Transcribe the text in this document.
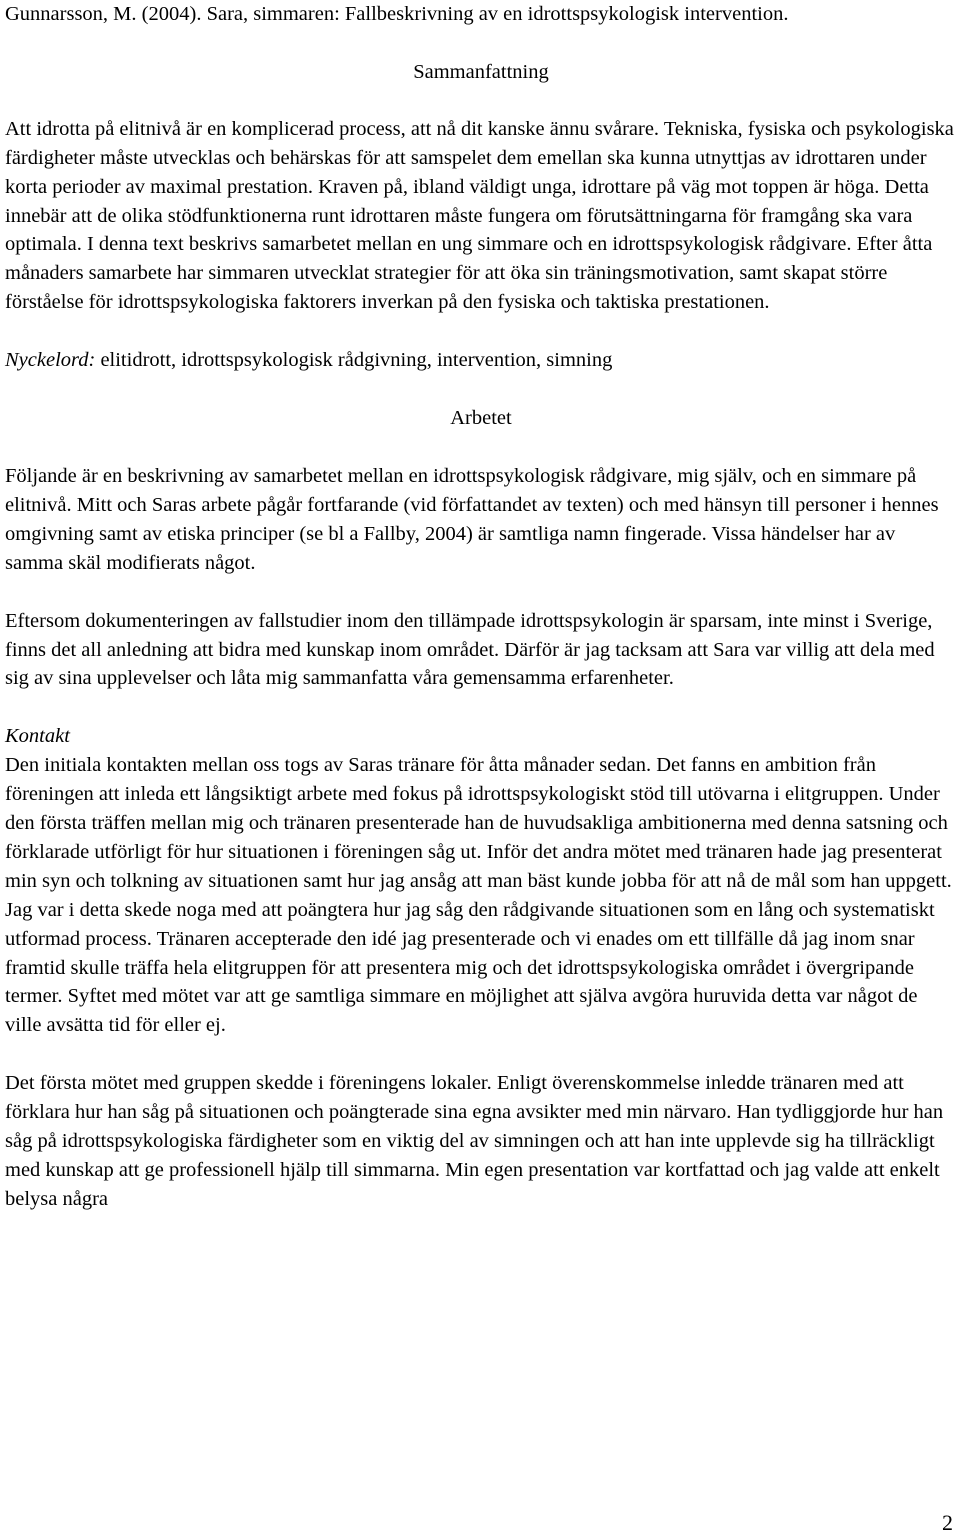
Gunnarsson, M. (2004). Sara, simmaren: Fallbeskrivning av en idrottspsykologisk intervention.

Sammanfattning

Att idrotta på elitnivå är en komplicerad process, att nå dit kanske ännu svårare. Tekniska, fysiska och psykologiska färdigheter måste utvecklas och behärskas för att samspelet dem emellan ska kunna utnyttjas av idrottaren under korta perioder av maximal prestation. Kraven på, ibland väldigt unga, idrottare på väg mot toppen är höga. Detta innebär att de olika stödfunktionerna runt idrottaren måste fungera om förutsättningarna för framgång ska vara optimala. I denna text beskrivs samarbetet mellan en ung simmare och en idrottspsykologisk rådgivare. Efter åtta månaders samarbete har simmaren utvecklat strategier för att öka sin träningsmotivation, samt skapat större förståelse för idrottspsykologiska faktorers inverkan på den fysiska och taktiska prestationen.

Nyckelord: elitidrott, idrottspsykologisk rådgivning, intervention, simning

Arbetet

Följande är en beskrivning av samarbetet mellan en idrottspsykologisk rådgivare, mig själv, och en simmare på elitnivå. Mitt och Saras arbete pågår fortfarande (vid författandet av texten) och med hänsyn till personer i hennes omgivning samt av etiska principer (se bl a Fallby, 2004) är samtliga namn fingerade. Vissa händelser har av samma skäl modifierats något.

Eftersom dokumenteringen av fallstudier inom den tillämpade idrottspsykologin är sparsam, inte minst i Sverige, finns det all anledning att bidra med kunskap inom området. Därför är jag tacksam att Sara var villig att dela med sig av sina upplevelser och låta mig sammanfatta våra gemensamma erfarenheter.

Kontakt

Den initiala kontakten mellan oss togs av Saras tränare för åtta månader sedan. Det fanns en ambition från föreningen att inleda ett långsiktigt arbete med fokus på idrottspsykologiskt stöd till utövarna i elitgruppen. Under den första träffen mellan mig och tränaren presenterade han de huvudsakliga ambitionerna med denna satsning och förklarade utförligt för hur situationen i föreningen såg ut. Inför det andra mötet med tränaren hade jag presenterat min syn och tolkning av situationen samt hur jag ansåg att man bäst kunde jobba för att nå de mål som han uppgett. Jag var i detta skede noga med att poängtera hur jag såg den rådgivande situationen som en lång och systematiskt utformad process. Tränaren accepterade den idé jag presenterade och vi enades om ett tillfälle då jag inom snar framtid skulle träffa hela elitgruppen för att presentera mig och det idrottspsykologiska området i övergripande termer. Syftet med mötet var att ge samtliga simmare en möjlighet att själva avgöra huruvida detta var något de ville avsätta tid för eller ej.

Det första mötet med gruppen skedde i föreningens lokaler. Enligt överenskommelse inledde tränaren med att förklara hur han såg på situationen och poängterade sina egna avsikter med min närvaro. Han tydliggjorde hur han såg på idrottspsykologiska färdigheter som en viktig del av simningen och att han inte upplevde sig ha tillräckligt med kunskap att ge professionell hjälp till simmarna. Min egen presentation var kortfattad och jag valde att enkelt belysa några

2
